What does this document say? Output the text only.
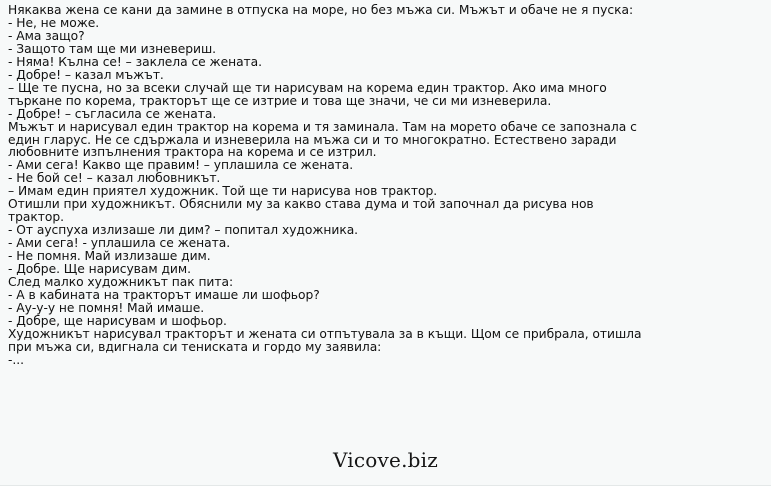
Някаква жена се кани да замине в отпуска на море, но без мъжа си. Мъжът и обаче не я пуска:
- Не, не може.
- Ама защо?
- Защото там ще ми изневериш.
- Няма! Кълна се! – заклела се жената.
- Добре! – казал мъжът.
– Ще те пусна, но за всеки случай ще ти нарисувам на корема един трактор. Ако има много
търкане по корема, тракторът ще се изтрие и това ще значи, че си ми изневерила.
- Добре! – съгласила се жената.
Мъжът и нарисувал един трактор на корема и тя заминала. Там на морето обаче се запознала с
един гларус. Не се сдържала и изневерила на мъжа си и то многократно. Естествено заради
любовните изпълнения трактора на корема и се изтрил.
- Ами сега! Какво ще правим! – уплашила се жената.
- Не бой се! – казал любовникът.
– Имам един приятел художник. Той ще ти нарисува нов трактор.
Отишли при художникът. Обяснили му за какво става дума и той започнал да рисува нов
трактор.
- От ауспуха излизаше ли дим? – попитал художника.
- Ами сега! - уплашила се жената.
- Не помня. Май излизаше дим.
- Добре. Ще нарисувам дим.
След малко художникът пак пита:
- А в кабината на тракторът имаше ли шофьор?
- Ау-у-у не помня! Май имаше.
- Добре, ще нарисувам и шофьор.
Художникът нарисувал тракторът и жената си отпътувала за в къщи. Щом се прибрала, отишла
при мъжа си, вдигнала си тениската и гордо му заявила:
-...
Vicove.biz
